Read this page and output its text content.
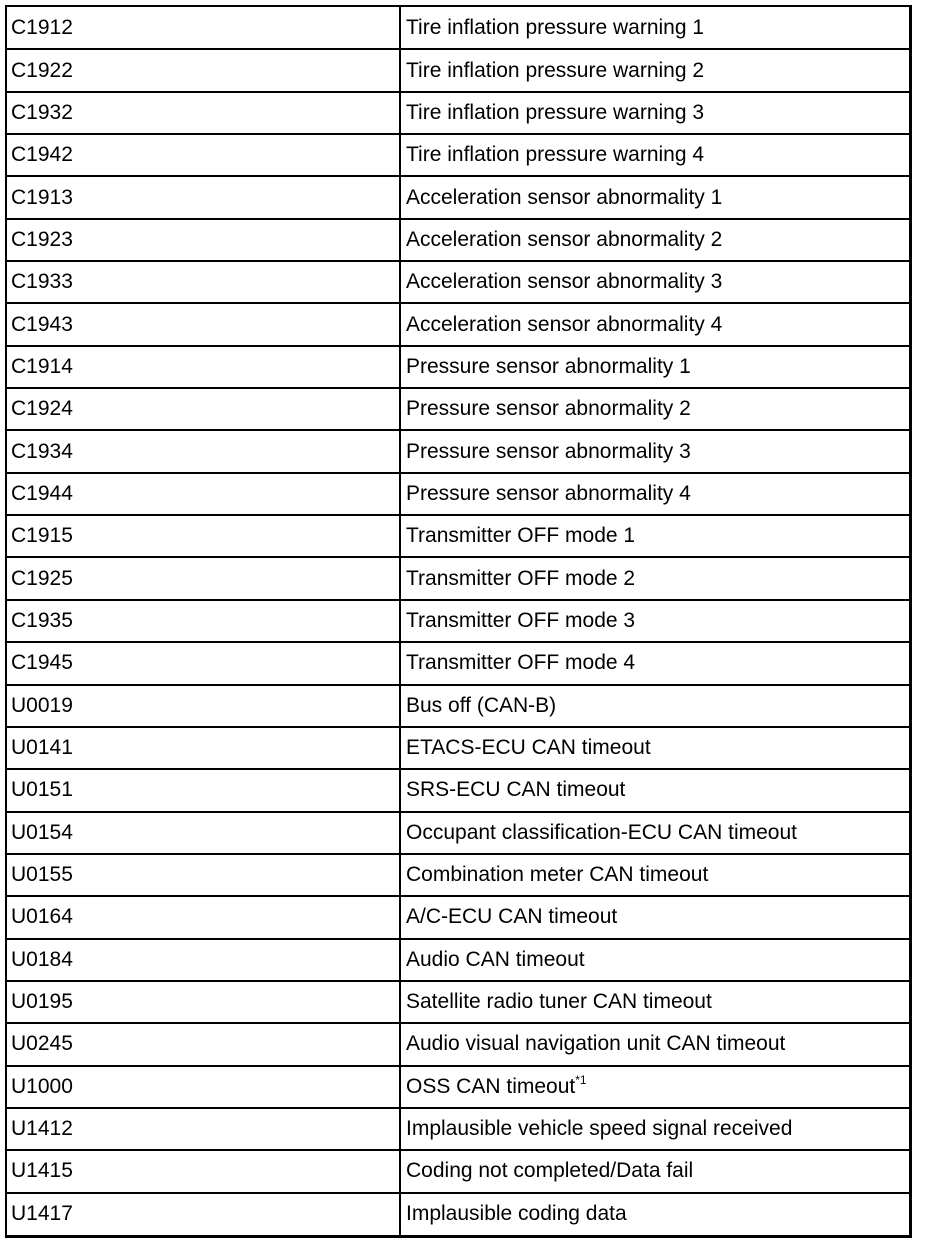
C1912	Tire inflation pressure warning 1
C1922	Tire inflation pressure warning 2
C1932	Tire inflation pressure warning 3
C1942	Tire inflation pressure warning 4
C1913	Acceleration sensor abnormality 1
C1923	Acceleration sensor abnormality 2
C1933	Acceleration sensor abnormality 3
C1943	Acceleration sensor abnormality 4
C1914	Pressure sensor abnormality 1
C1924	Pressure sensor abnormality 2
C1934	Pressure sensor abnormality 3
C1944	Pressure sensor abnormality 4
C1915	Transmitter OFF mode 1
C1925	Transmitter OFF mode 2
C1935	Transmitter OFF mode 3
C1945	Transmitter OFF mode 4
U0019	Bus off (CAN-B)
U0141	ETACS-ECU CAN timeout
U0151	SRS-ECU CAN timeout
U0154	Occupant classification-ECU CAN timeout
U0155	Combination meter CAN timeout
U0164	A/C-ECU CAN timeout
U0184	Audio CAN timeout
U0195	Satellite radio tuner CAN timeout
U0245	Audio visual navigation unit CAN timeout
U1000	OSS CAN timeout$^{*1}$
U1412	Implausible vehicle speed signal received
U1415	Coding not completed/Data fail
U1417	Implausible coding data
